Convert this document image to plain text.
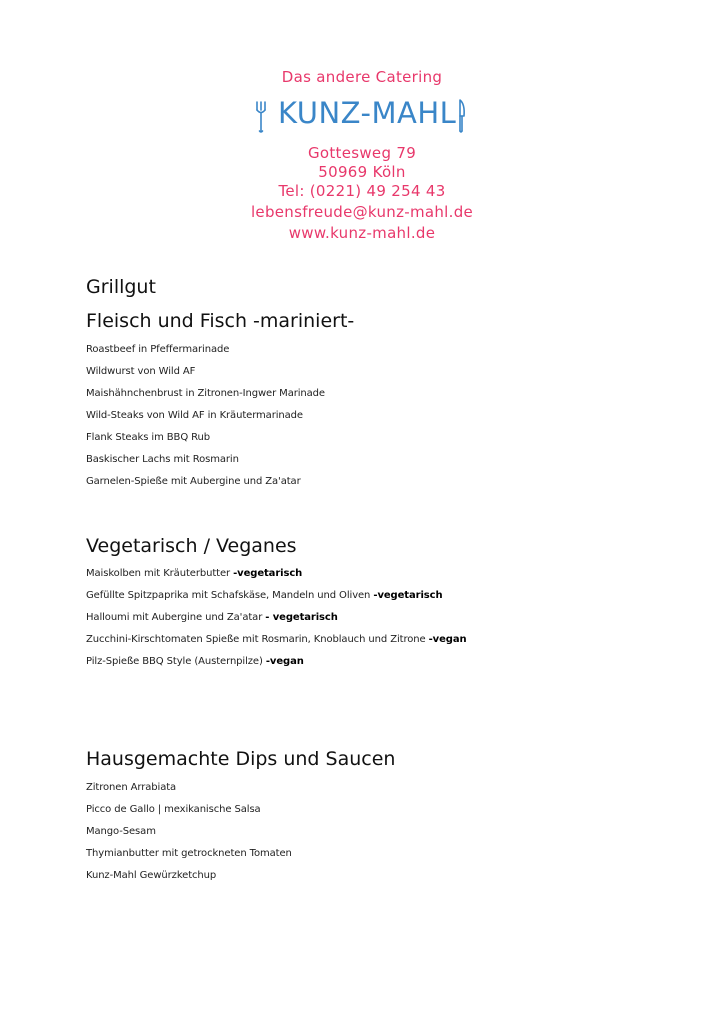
Das andere Catering
KUNZ-MAHL
Gottesweg 79
50969 Köln
Tel: (0221) 49 254 43
lebensfreude@kunz-mahl.de
www.kunz-mahl.de
Grillgut
Fleisch und Fisch -mariniert-
Roastbeef in Pfeffermarinade
Wildwurst von Wild AF
Maishähnchenbrust in Zitronen-Ingwer Marinade
Wild-Steaks von Wild AF in Kräutermarinade
Flank Steaks im BBQ Rub
Baskischer Lachs mit Rosmarin
Garnelen-Spieße mit Aubergine und Za'atar
Vegetarisch / Veganes
Maiskolben mit Kräuterbutter -vegetarisch
Gefüllte Spitzpaprika mit Schafskäse, Mandeln und Oliven -vegetarisch
Halloumi mit Aubergine und Za'atar - vegetarisch
Zucchini-Kirschtomaten Spieße mit Rosmarin, Knoblauch und Zitrone -vegan
Pilz-Spieße BBQ Style (Austernpilze) -vegan
Hausgemachte Dips und Saucen
Zitronen Arrabiata
Picco de Gallo | mexikanische Salsa
Mango-Sesam
Thymianbutter mit getrockneten Tomaten
Kunz-Mahl Gewürzketchup
